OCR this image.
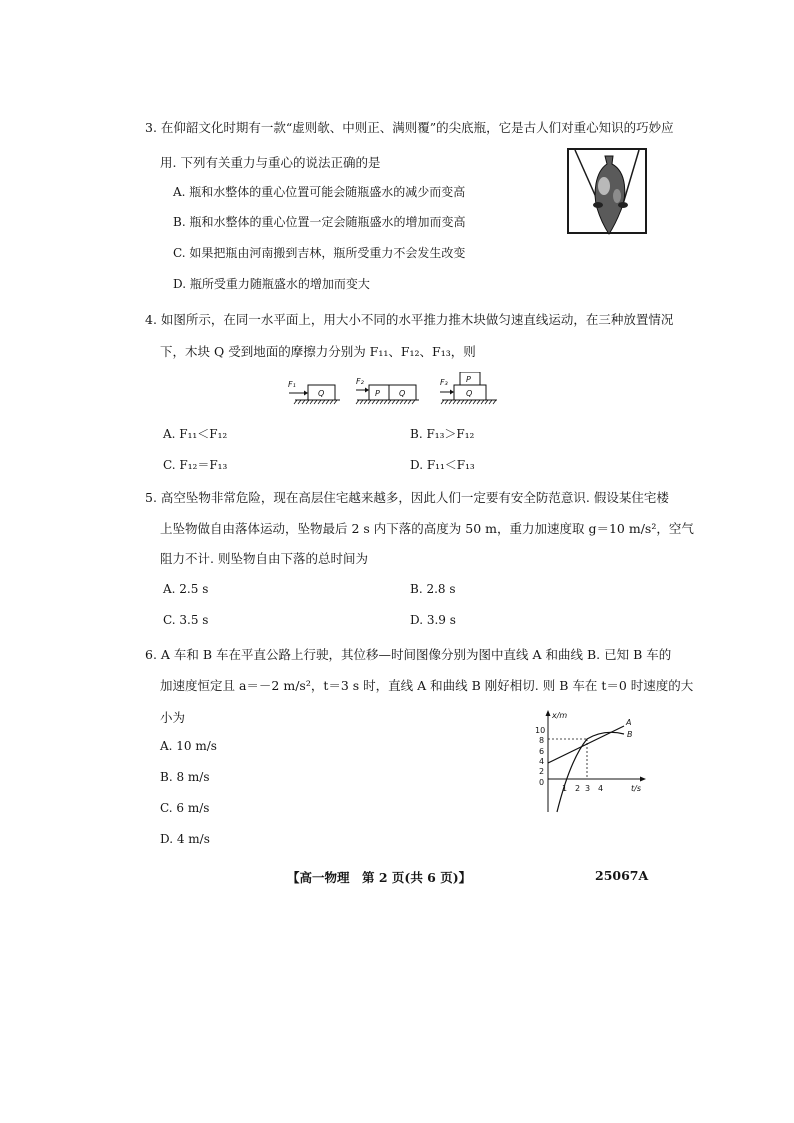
3. 在仰韶文化时期有一款“虚则欹、中则正、满则覆”的尖底瓶，它是古人们对重心知识的巧妙应
用. 下列有关重力与重心的说法正确的是
A. 瓶和水整体的重心位置可能会随瓶盛水的减少而变高
B. 瓶和水整体的重心位置一定会随瓶盛水的增加而变高
C. 如果把瓶由河南搬到吉林，瓶所受重力不会发生改变
D. 瓶所受重力随瓶盛水的增加而变大
4. 如图所示，在同一水平面上，用大小不同的水平推力推木块做匀速直线运动，在三种放置情况
下，木块 Q 受到地面的摩擦力分别为 F₁₁、F₁₂、F₁₃，则
F₁
Q
F₂
P Q
F₃ P
Q
A. F₁₁＜F₁₂	B. F₁₃＞F₁₂
C. F₁₂＝F₁₃	D. F₁₁＜F₁₃
5. 高空坠物非常危险，现在高层住宅越来越多，因此人们一定要有安全防范意识. 假设某住宅楼
上坠物做自由落体运动，坠物最后 2 s 内下落的高度为 50 m，重力加速度取 g＝10 m/s²，空气
阻力不计. 则坠物自由下落的总时间为
A. 2.5 s	B. 2.8 s
C. 3.5 s	D. 3.9 s
6. A 车和 B 车在平直公路上行驶，其位移—时间图像分别为图中直线 A 和曲线 B. 已知 B 车的
加速度恒定且 a＝－2 m/s²，t＝3 s 时，直线 A 和曲线 B 刚好相切. 则 B 车在 t＝0 时速度的大
小为
A. 10 m/s
B. 8 m/s
C. 6 m/s
D. 4 m/s
x/m
t/s
10
8
6
4
2
0
1 2 3 4
A
B
【高一物理　第 2 页(共 6 页)】	25067A
